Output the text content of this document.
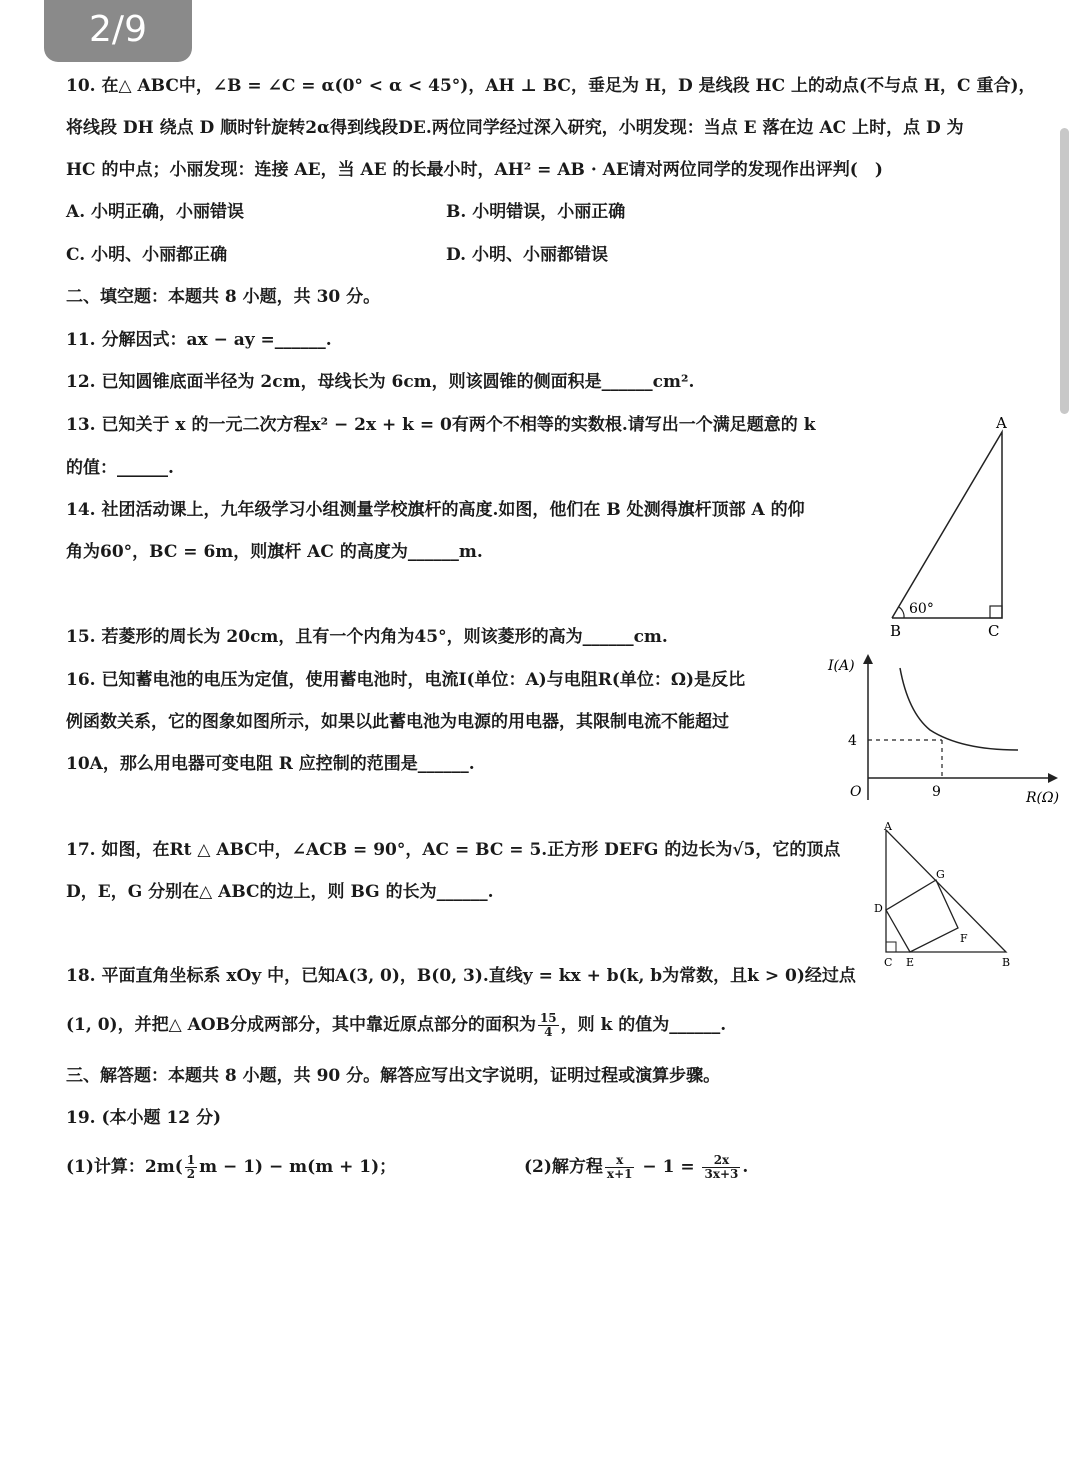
2/9
10. 在△ ABC中，∠B = ∠C = α(0° < α < 45°)，AH ⊥ BC，垂足为 H，D 是线段 HC 上的动点(不与点 H，C 重合)，
将线段 DH 绕点 D 顺时针旋转2α得到线段DE.两位同学经过深入研究，小明发现：当点 E 落在边 AC 上时，点 D 为
HC 的中点；小丽发现：连接 AE，当 AE 的长最小时，AH² = AB · AE请对两位同学的发现作出评判(　)
A. 小明正确，小丽错误	B. 小明错误，小丽正确
C. 小明、小丽都正确	D. 小明、小丽都错误
二、填空题：本题共 8 小题，共 30 分。
11. 分解因式：ax − ay =______.
12. 已知圆锥底面半径为 2cm，母线长为 6cm，则该圆锥的侧面积是______cm².
13. 已知关于 x 的一元二次方程x² − 2x + k = 0有两个不相等的实数根.请写出一个满足题意的 k
的值：______.
14. 社团活动课上，九年级学习小组测量学校旗杆的高度.如图，他们在 B 处测得旗杆顶部 A 的仰
角为60°，BC = 6m，则旗杆 AC 的高度为______m.
A
B	C
60°
15. 若菱形的周长为 20cm，且有一个内角为45°，则该菱形的高为______cm.
16. 已知蓄电池的电压为定值，使用蓄电池时，电流I(单位：A)与电阻R(单位：Ω)是反比
例函数关系，它的图象如图所示，如果以此蓄电池为电源的用电器，其限制电流不能超过
10A，那么用电器可变电阻 R 应控制的范围是______.
I(A)
R(Ω)
O
4
9
17. 如图，在Rt △ ABC中，∠ACB = 90°，AC = BC = 5.正方形 DEFG 的边长为√5，它的顶点
D，E，G 分别在△ ABC的边上，则 BG 的长为______.
A
B
C
D
E
F
G
18. 平面直角坐标系 xOy 中，已知A(3, 0)，B(0, 3).直线y = kx + b(k, b为常数，且k > 0)经过点
(1, 0)，并把△ AOB分成两部分，其中靠近原点部分的面积为 $\frac{15}{4}$ ，则 k 的值为______.
三、解答题：本题共 8 小题，共 90 分。解答应写出文字说明，证明过程或演算步骤。
19. (本小题 12 分)
(1)计算：$2m( \frac{1}{2}$ m − 1) − m(m + 1)；	(2)解方程 $\frac{x}{x+1} - 1 = \frac{2x}{3x+3}$ .
